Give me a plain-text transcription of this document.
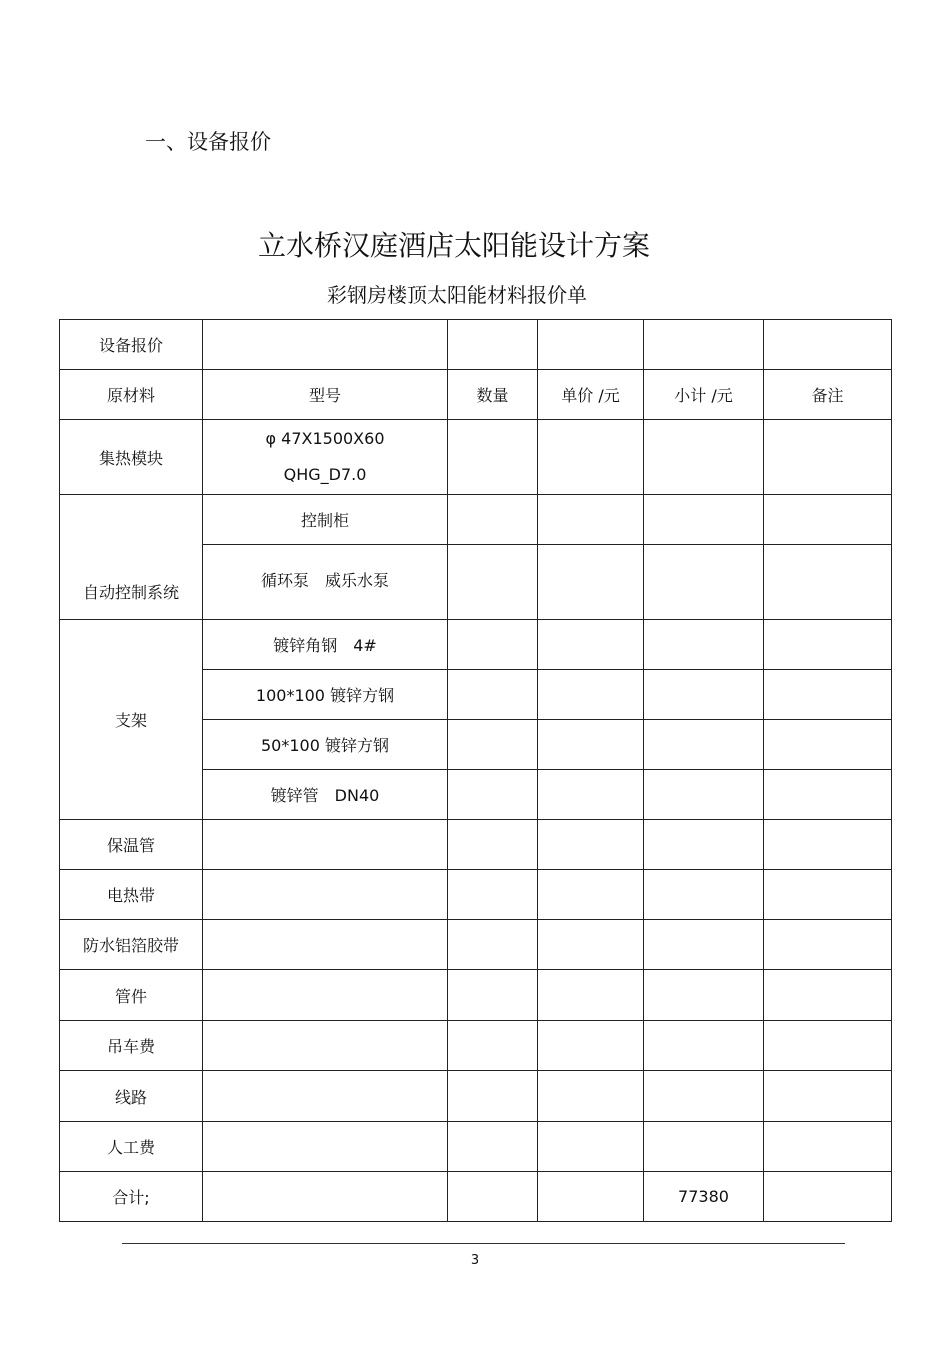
一、设备报价
立水桥汉庭酒店太阳能设计方案
彩钢房楼顶太阳能材料报价单
设备报价					
原材料	型号	数量	单价 /元	小计 /元	备注
集热模块	φ 47X1500X60
QHG_D7.0				

自动控制系统	控制柜				
	循环泵　威乐水泵				
支架	镀锌角钢　4#				
	100*100 镀锌方钢				
	50*100 镀锌方钢				
	镀锌管　DN40				
保温管					
电热带					
防水铝箔胶带					
管件					
吊车费					
线路					
人工费					
合计;				77380	
3
